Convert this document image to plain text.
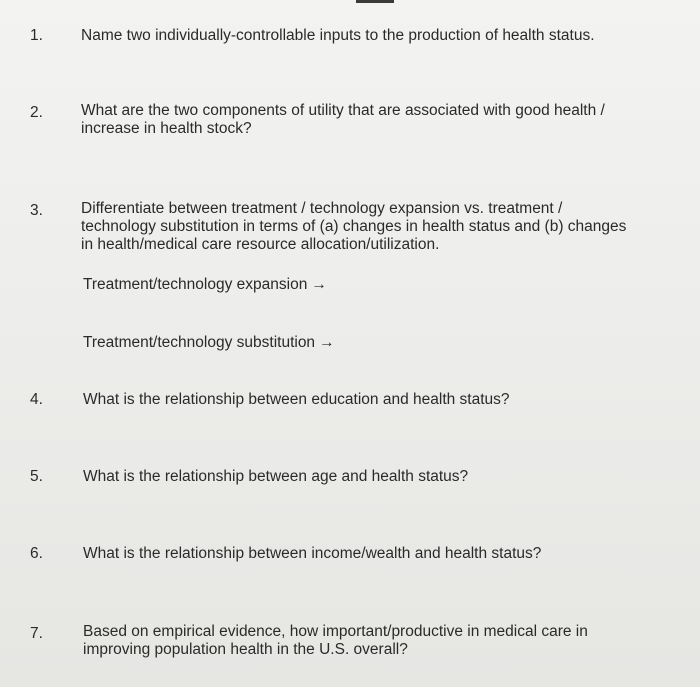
1.	Name two individually-controllable inputs to the production of health status.
2.	What are the two components of utility that are associated with good health /
increase in health stock?
3.	Differentiate between treatment / technology expansion vs. treatment /
technology substitution in terms of (a) changes in health status and (b) changes
in health/medical care resource allocation/utilization.
Treatment/technology expansion →
Treatment/technology substitution →
4.	What is the relationship between education and health status?
5.	What is the relationship between age and health status?
6.	What is the relationship between income/wealth and health status?
7.	Based on empirical evidence, how important/productive in medical care in
improving population health in the U.S. overall?
